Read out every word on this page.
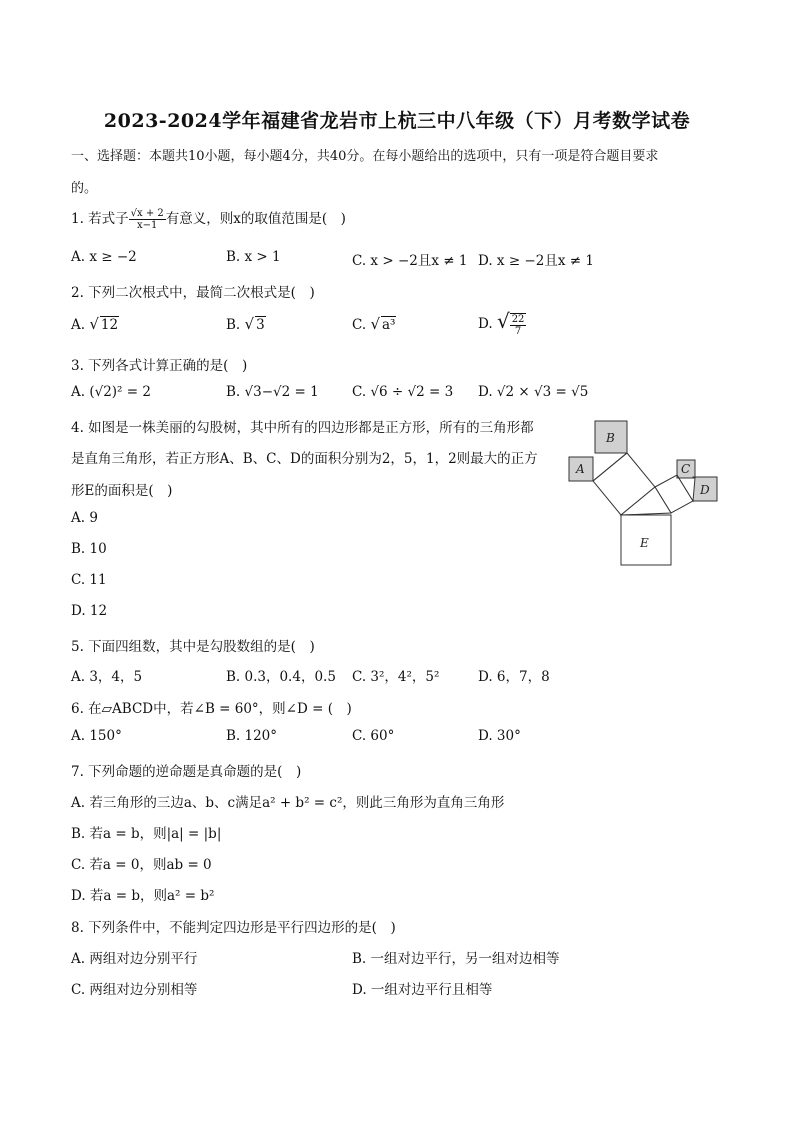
2023-2024学年福建省龙岩市上杭三中八年级（下）月考数学试卷
一、选择题：本题共10小题，每小题4分，共40分。在每小题给出的选项中，只有一项是符合题目要求
的。
1. 若式子 $\frac{√x + 2}{x-1}$ 有意义，则x的取值范围是(　)
A. x ≥ −2	B. x > 1	C. x > −2且x ≠ 1 D. x ≥ −2且x ≠ 1
2. 下列二次根式中，最简二次根式是(　)
A. √ 12	B. √ 3	C. √ a³	D. √ $\frac{22}{7}$
3. 下列各式计算正确的是(　)
A. (√2)² = 2	B. √3−√2 = 1 C. √6 ÷ √2 = 3 D. √2 × √3 = √5
4. 如图是一株美丽的勾股树，其中所有的四边形都是正方形，所有的三角形都
是直角三角形，若正方形A、B、C、D的面积分别为2，5，1，2则最大的正方
形E的面积是(　)
A. 9
B. 10
C. 11
D. 12
B
A	C
D
E
5. 下面四组数，其中是勾股数组的是(　)
A. 3，4，5	B. 0.3，0.4，0.5 C. 3²，4²，5²	D. 6，7，8
6. 在▱ABCD中，若∠B = 60°，则∠D = (　)
A. 150°	B. 120°	C. 60°	D. 30°
7. 下列命题的逆命题是真命题的是(　)
A. 若三角形的三边a、b、c满足a² + b² = c²，则此三角形为直角三角形
B. 若a = b，则|a| = |b|
C. 若a = 0，则ab = 0
D. 若a = b，则a² = b²
8. 下列条件中，不能判定四边形是平行四边形的是(　)
A. 两组对边分别平行	B. 一组对边平行，另一组对边相等
C. 两组对边分别相等	D. 一组对边平行且相等
